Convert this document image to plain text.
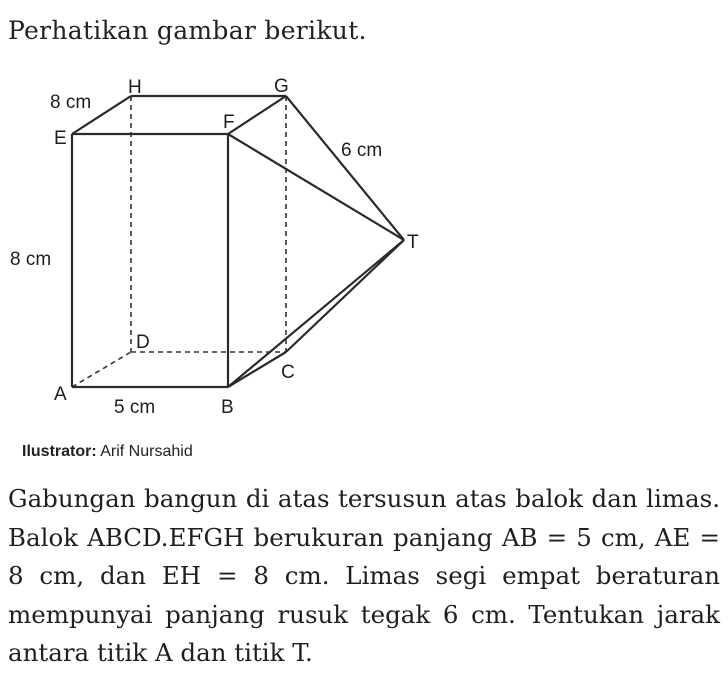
Perhatikan gambar berikut.
H	G
E
F
T
D
C
A
B
8 cm
8 cm
5 cm
6 cm
Ilustrator: Arif Nursahid
Gabungan bangun di atas tersusun atas balok dan limas. Balok ABCD.EFGH berukuran panjang AB = 5 cm, AE = 8 cm, dan EH = 8 cm. Limas segi empat beraturan mempunyai panjang rusuk tegak 6 cm. Tentukan jarak antara titik A dan titik T.
